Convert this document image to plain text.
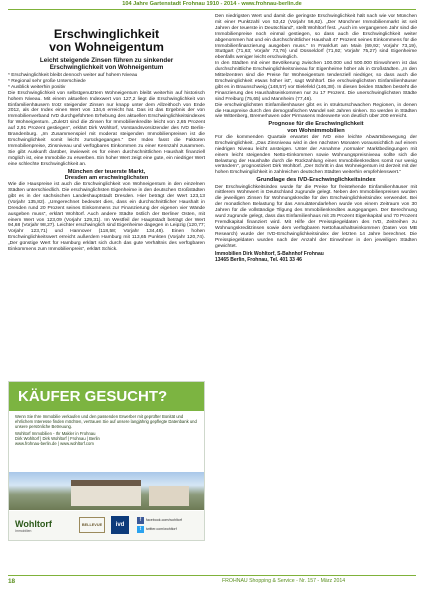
104 Jahre Gartenstadt Frohnau 1910 - 2014 - www.frohnau-berlin.de
Erschwinglichkeit
von Wohneigentum
Leicht steigende Zinsen führen zu sinkender
Erschwinglichkeit von Wohneigentum
* Erschwinglichkeit bleibt dennoch weiter auf hohem Niveau
* Regional sehr große Unterschiede
* Ausblick weiterhin positiv

Die Erschwinglichkeit von selbstgenutztem Wohneigentum bleibt weiterhin auf historisch hohem Niveau. Mit einem aktuellen Indexwert von 127,2 liegt die Erschwinglichkeit von Einfamilienhäusern trotz steigender Zinsen nur knapp unter dem Allzeithoch von Ende 2012, als der Index einen Wert von 134,6 erreicht hat. Das ist das Ergebnis der von Immobilienverband IVD durchgeführten Erhebung des aktuellen Erschwinglichkeitsindexes für Wohneigentum. „Zuletzt sind die Zinsen für Immobilienkredite leicht von 2,65 Prozent auf 2,91 Prozent gestiegen“, erklärt Dirk Wohltorf, Vorstandsvorsitzender des IVD Berlin-Brandenburg. „Im Zusammenspiel mit moderat steigenden Immobilienpreisen ist die Erschwinglichkeit somit leicht zurückgegangen.“ Der Index fasst die Faktoren Immobilienpreise, Zinsniveau und verfügbares Einkommen zu einer Kennzahl zusammen. Sie gibt Auskunft darüber, inwieweit es für einen durchschnittlichen Haushalt finanziell möglich ist, eine Immobilie zu erwerben. Ein hoher Wert zeigt eine gute, ein niedriger Wert eine schlechte Erschwinglichkeit an.

München der teuerste Markt,
Dresden am erschwinglichsten

Wie die Hauspreise ist auch die Erschwinglichkeit von Wohneigentum in den einzelnen Städten unterschiedlich. Die erschwinglichsten Eigenheime in den deutschen Großstädten gibt es in der sächsischen Landeshauptstadt Dresden. Hier beträgt der Wert 123,13 (Vorjahr 135,82). „Umgerechnet bedeutet dies, dass ein durchschnittlicher Haushalt in Dresden rund 20 Prozent seines Einkommens zur Finanzierung der eigenen vier Wände ausgeben muss“, erklärt Wohltorf. Auch andere Städte östlich der Berliner Osten, mit einem Wert von 123,09 (Vorjahr 129,31). Im Westfeil der Hauptstadt beträgt der Wert 94,68 (Vorjahr 98,27). Leichter erschwinglich sind Eigenheime dagegen in Leipzig (120,77; Vorjahr 123,71) und Hannover (118,58; Vorjahr 134,48). Einen hohen Erschwinglichkeitswert erreicht außerdem Hamburg mit 113,65 Punkten (Vorjahr 120,74). „Der günstige Wert für Hamburg erklärt sich durch das gute Verhältnis des verfügbaren Einkommens zum Immobilienpreis“, erklärt Schick.

KÄUFER GESUCHT?
Wenn Sie Ihre Immobilie verkaufen und den passenden Erwerber mit geprüfter Bonität und ehrlichem Interesse finden möchten, vertrauen Sie auf unsere langjährig gepflegte Datenbank und unsere persönliche Betreuung.
Wohltorf Immobilien - Ihr Makler in Frohnau
Dirk Wohltorf | Dirk Wohltorf | Frohnau | Berlin
www.frohnau-berlin.de | www.wohltorf.com
Wohltorf
Immobilien
BELLEVUE	ivd
f facebook.com/wohltorf
t twitter.com/wohltorf

Den niedrigsten Wert und damit die geringste Erschwinglichkeit hält nach wie vor München mit einer Punktzahl von 53,42 (Vorjahr 56,62). „Der Münchner Immobilienmarkt ist seit Jahren der teuerste in Deutschland“, stellt Wohltorf fest. „Auch im vergangenen Jahr sind die Immobilienpreise noch einmal gestiegen, so dass auch die Erschwinglichkeit weiter abgenommen hat und ein durchschnittlicher Haushalt 47 Prozent seines Einkommens für die Immobilienfinanzierung ausgeben muss.“ In Frankfurt am Main (69,92; Vorjahr 73,19), Stuttgart (71,63; Vorjahr 73,76) und Düsseldorf (71,92; Vorjahr 75,27) sind Eigenheime ebenfalls weniger leicht erschwinglich.

In den Städten mit einer Bevölkerung zwischen 100.000 und 500.000 Einwohnern ist das durchschnittliche Erschwinglichkeitsniveau für Eigenheime höher als in Großstädten. „In den Mittelzentren sind die Preise für Wohneigentum tendenziell niedriger, so dass auch die Erschwinglichkeit etwas höher ist“, sagt Wohltorf. Die erschwinglichsten Einfamilienhäuser gibt es in Braunschweig (148,57) vor Bielefeld (146,38). In diesen beiden Städten besteht die Finanzierung des Haushaltseinkommen nur zu 17 Prozent. Die unerschwinglichsten Städte sind Freiburg (75,65) und Mannheim (77,46).

Die erschwinglichsten Einfamilienhäuser gibt es in strukturschwachen Regionen, in denen die Hauspreise durch den demografischen Wandel seit Jahren sinken. So werden in Städten wie Wittenberg, Bremerhaven oder Pirmasens Indexwerte von deutlich über 200 erreicht.

Prognose für die Erschwinglichkeit
von Wohnimmobilien

Für die kommenden Quartale erwartet der IVD eine leichte Abwärtsbewegung der Erschwinglichkeit. „Das Zinsniveau wird in den nächsten Monaten voraussichtlich auf einem niedrigen Niveau leicht ansteigen. Unter der Annahme ‚normaler‘ Marktbedingungen mit einem leicht steigenden Netto-Einkommen sowie Wohnungspreisniveau sollte sich die Belastung der Haushalte durch die Rückzahlung eines Immobilienkredites somit nur wenig verändern“, prognostiziert Dirk Wohltorf. „Der Schritt in das Wohneigentum ist derzeit mit der hohen Erschwinglichkeit in zahlreichen deutschen Städten weiterhin empfehlenswert.“

Grundlage des IVD-Erschwinglichkeitsindex

Der Erschwinglichkeitsindex wurde für die Preise für freistehende Einfamilienhäuser mit mittlerem Wohnwert in Deutschland zugrunde gelegt. Neben den Immobilienpreisen wurden die jeweiligen Zinsen für Wohnungskredite für den Erschwinglichkeitsindex verwendet. Bei der monatlichen Belastung für das Annuitätendarlehen wurde von einem Zeitraum von 30 Jahren für die vollständige Tilgung des Immobilienkredites ausgegangen. Der Berechnung wurd zugrunde gelegt, dass das Einfamilienhaus mit 25 Prozent Eigenkapital und 70 Prozent Fremdkapital finanziert wird. Mit Hilfe der Preisspiegeldaten des IVD, Zeitreihen zu Wohnungskreditzinsen sowie dem verfügbaren Nettohaushaltseinkommen (Daten von MB Research) wurde der IVD-Erschwinglichkeitsindex der letzten 14 Jahre berechnet. Die Preisspiegeldaten wurden nach der Anzahl der Einwohner in den jeweiligen Städten gewichtet.

Immobilien Dirk Wohltorf, S-Bahnhof Frohnau
13465 Berlin, Frohnau, Tel. 401 33 46
18	FROHNAU Shopping & Service - Nr. 157 - März 2014
